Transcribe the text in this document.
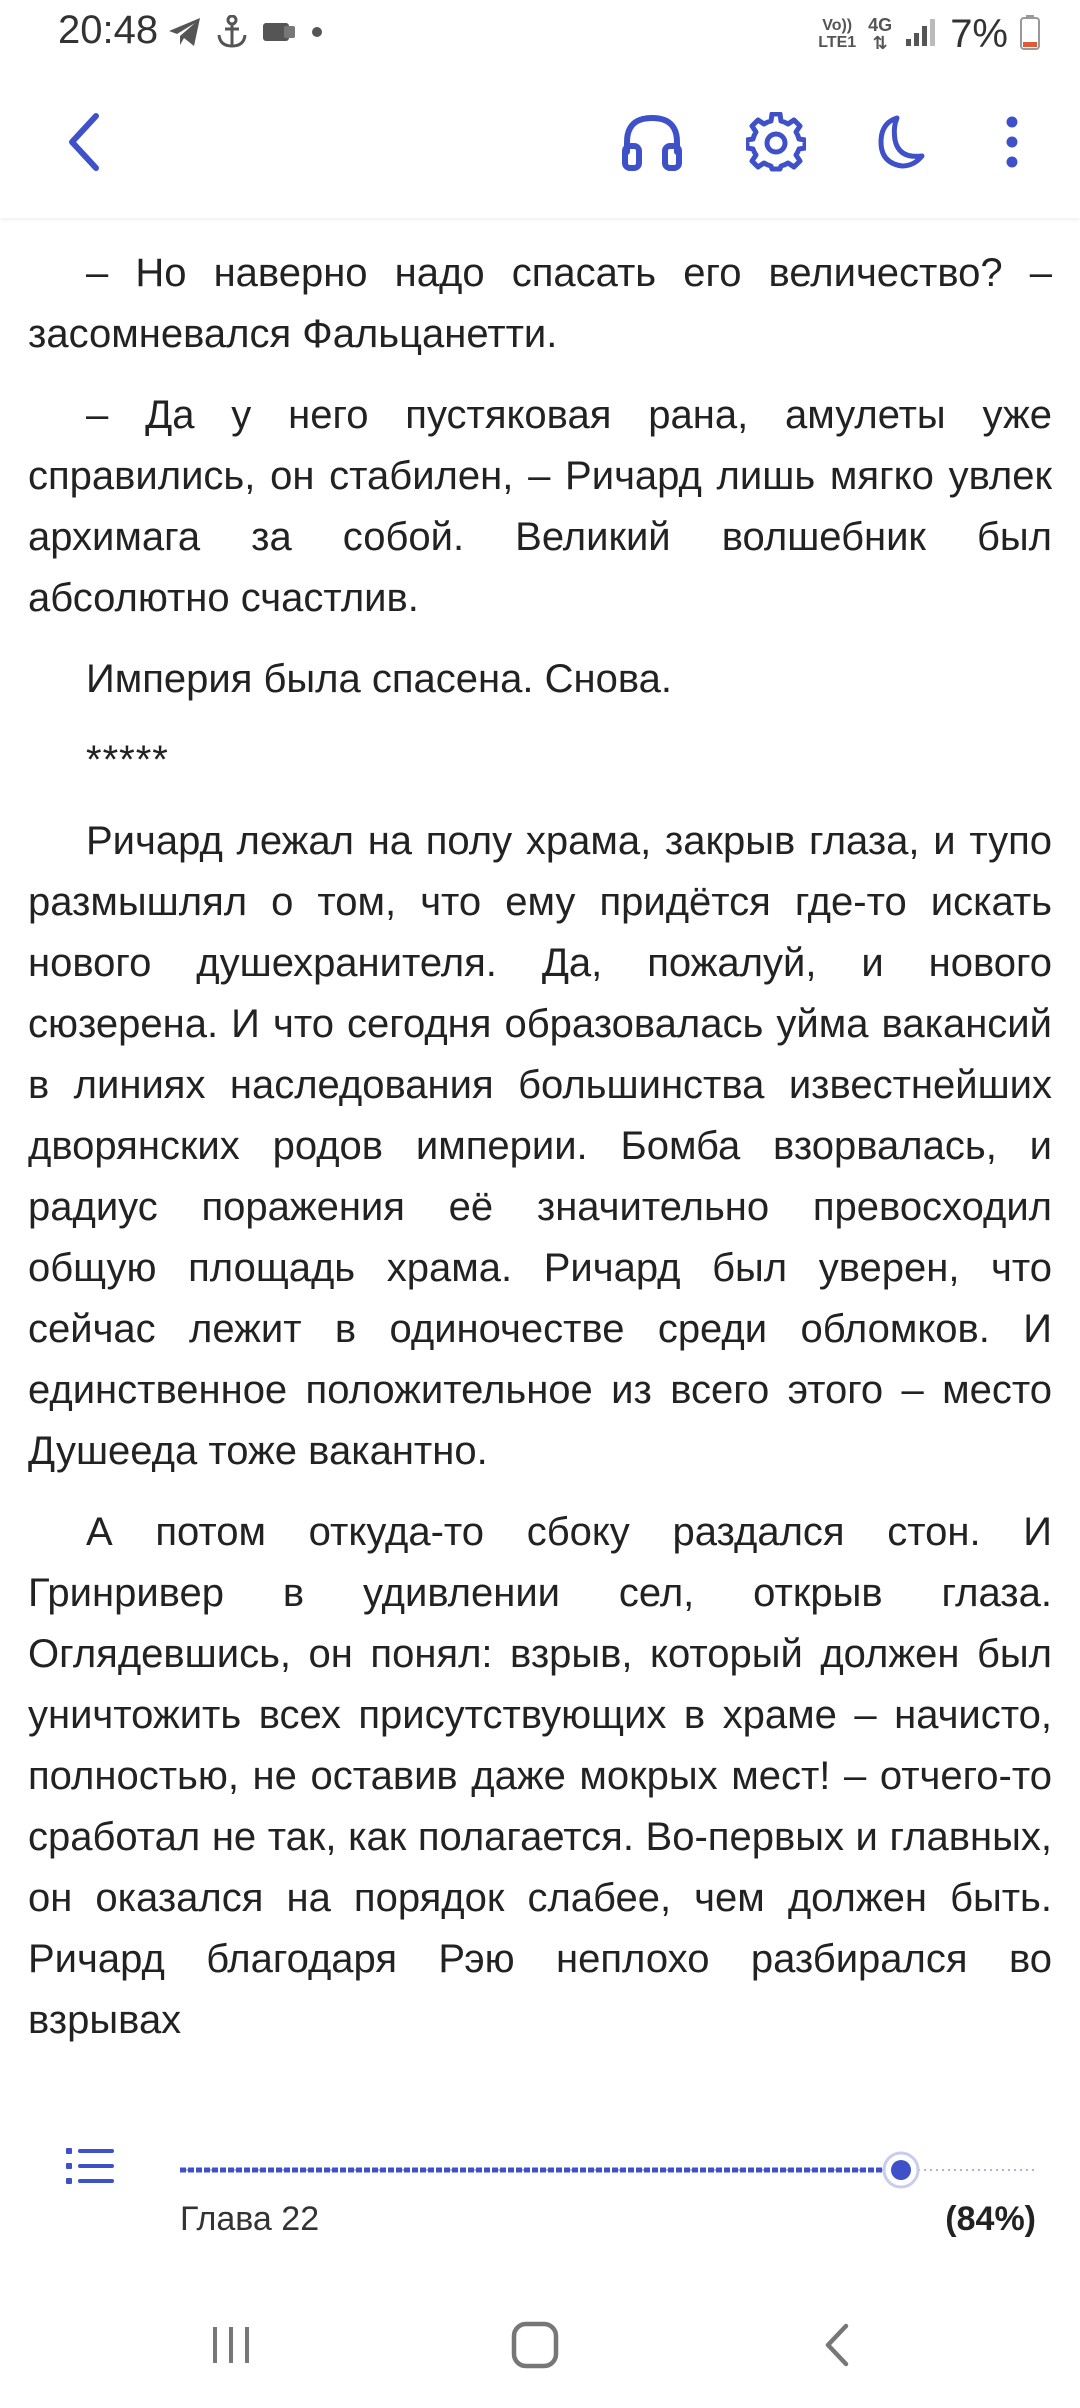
20:48	Vo)) LTE1
4G
⇅ 7%

– Но наверно надо спасать его величество? – засомневался Фальцанетти.

– Да у него пустяковая рана, амулеты уже справились, он стабилен, – Ричард лишь мягко увлек архимага за собой. Великий волшебник был абсолютно счастлив.

Империя была спасена. Снова.

*****

Ричард лежал на полу храма, закрыв глаза, и тупо размышлял о том, что ему придётся где-то искать нового душехранителя. Да, пожалуй, и нового сюзерена. И что сегодня образовалась уйма вакансий в линиях наследования большинства известнейших дворянских родов империи. Бомба взорвалась, и радиус поражения её значительно превосходил общую площадь храма. Ричард был уверен, что сейчас лежит в одиночестве среди обломков. И единственное положительное из всего этого – место Душееда тоже вакантно.

А потом откуда-то сбоку раздался стон. И Гринривер в удивлении сел, открыв глаза. Оглядевшись, он понял: взрыв, который должен был уничтожить всех присутствующих в храме – начисто, полностью, не оставив даже мокрых мест! – отчего-то сработал не так, как полагается. Во-первых и главных, он оказался на порядок слабее, чем должен быть. Ричард благодаря Рэю неплохо разбирался во взрывах

Глава 22	(84%)
